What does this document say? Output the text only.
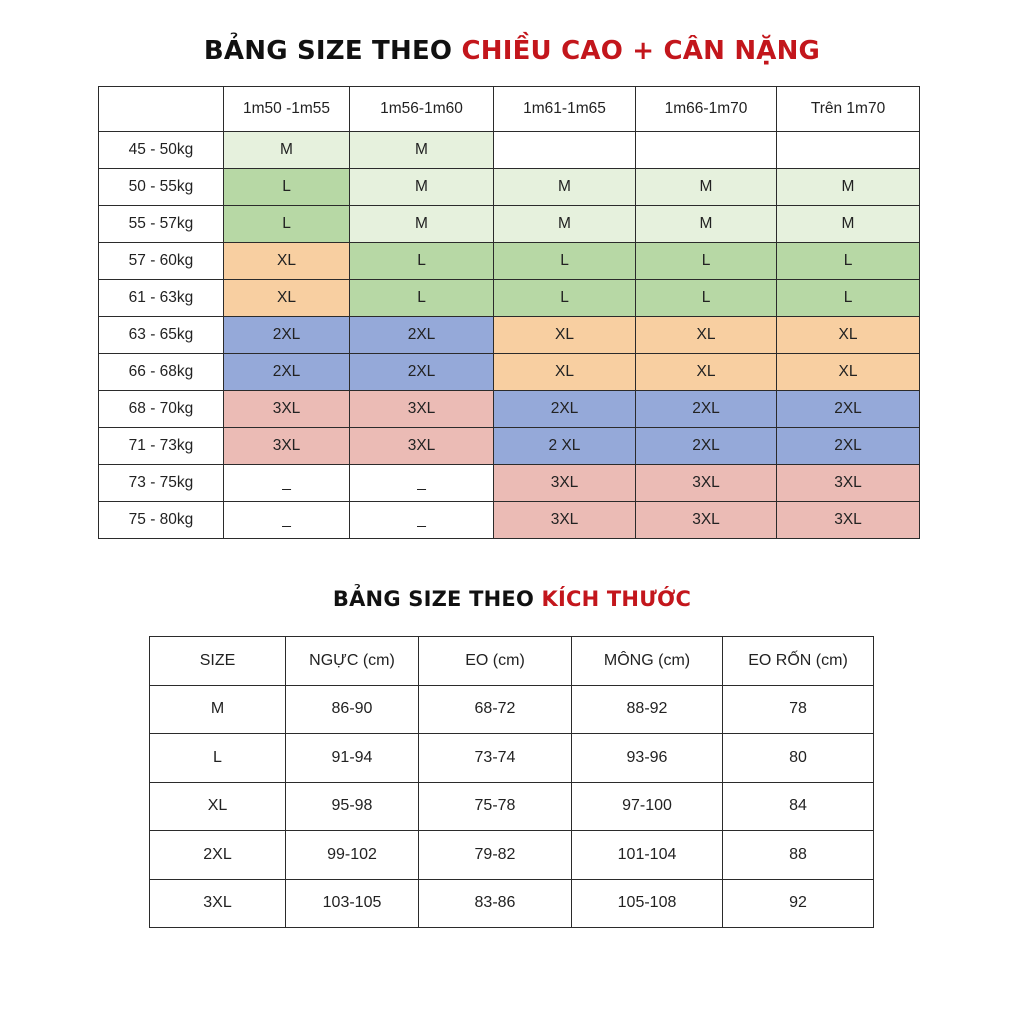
BẢNG SIZE THEO CHIỀU CAO + CÂN NẶNG
	1m50 -1m55	1m56-1m60	1m61-1m65	1m66-1m70	Trên 1m70
45 - 50kg	M	M			
50 - 55kg	L	M	M	M	M
55 - 57kg	L	M	M	M	M
57 - 60kg	XL	L	L	L	L
61 - 63kg	XL	L	L	L	L
63 - 65kg	2XL	2XL	XL	XL	XL
66 - 68kg	2XL	2XL	XL	XL	XL
68 - 70kg	3XL	3XL	2XL	2XL	2XL
71 - 73kg	3XL	3XL	2 XL	2XL	2XL
73 - 75kg	_	_	3XL	3XL	3XL
75 - 80kg	_	_	3XL	3XL	3XL
BẢNG SIZE THEO KÍCH THƯỚC
SIZE	NGỰC (cm)	EO (cm)	MÔNG (cm)	EO RỐN (cm)
M	86-90	68-72	88-92	78
L	91-94	73-74	93-96	80
XL	95-98	75-78	97-100	84
2XL	99-102	79-82	101-104	88
3XL	103-105	83-86	105-108	92
